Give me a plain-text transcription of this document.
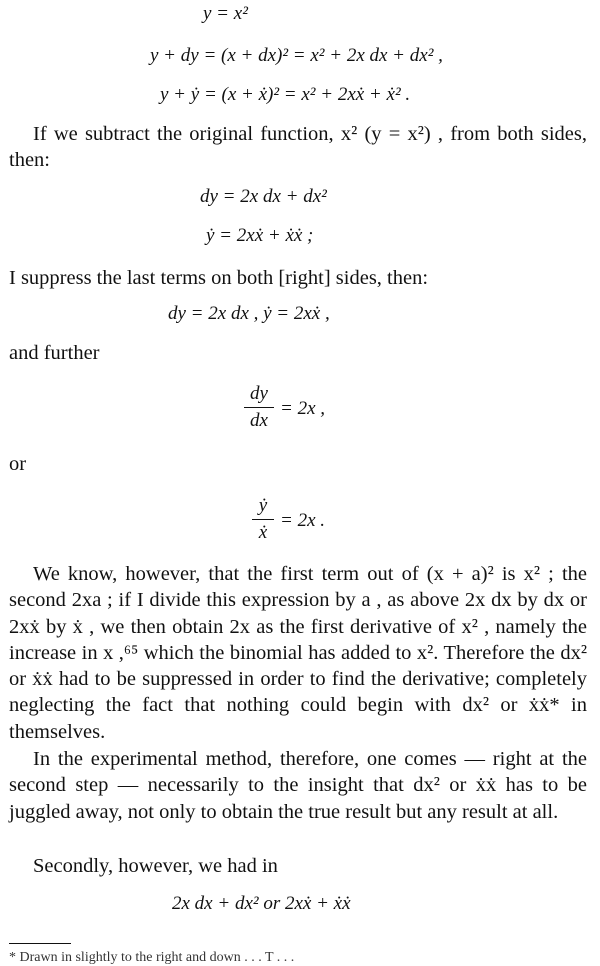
y = x²
y + dy = (x + dx)² = x² + 2x dx + dx² ,
y + ẏ = (x + ẋ)² = x² + 2xẋ + ẋ² .
If we subtract the original function, x² (y = x²) , from both sides, then:
dy = 2x dx + dx²
ẏ = 2xẋ + ẋẋ ;
I suppress the last terms on both [right] sides, then:
dy = 2x dx , ẏ = 2xẋ ,
and further
dy
dx
= 2x ,
or
ẏ
ẋ
= 2x .
We know, however, that the first term out of (x + a)² is x² ; the second 2xa ; if I divide this expression by a , as above 2x dx by dx or 2xẋ by ẋ , we then obtain 2x as the first derivative of x² , namely the increase in x ,⁶⁵ which the binomial has added to x². Therefore the dx² or ẋẋ had to be suppressed in order to find the derivative; completely neglecting the fact that nothing could begin with dx² or ẋẋ* in themselves.
In the experimental method, therefore, one comes — right at the second step — necessarily to the insight that dx² or ẋẋ has to be juggled away, not only to obtain the true result but any result at all.
Secondly, however, we had in
2x dx + dx² or 2xẋ + ẋẋ
* Drawn in slightly to the right and down . . . T . . .
